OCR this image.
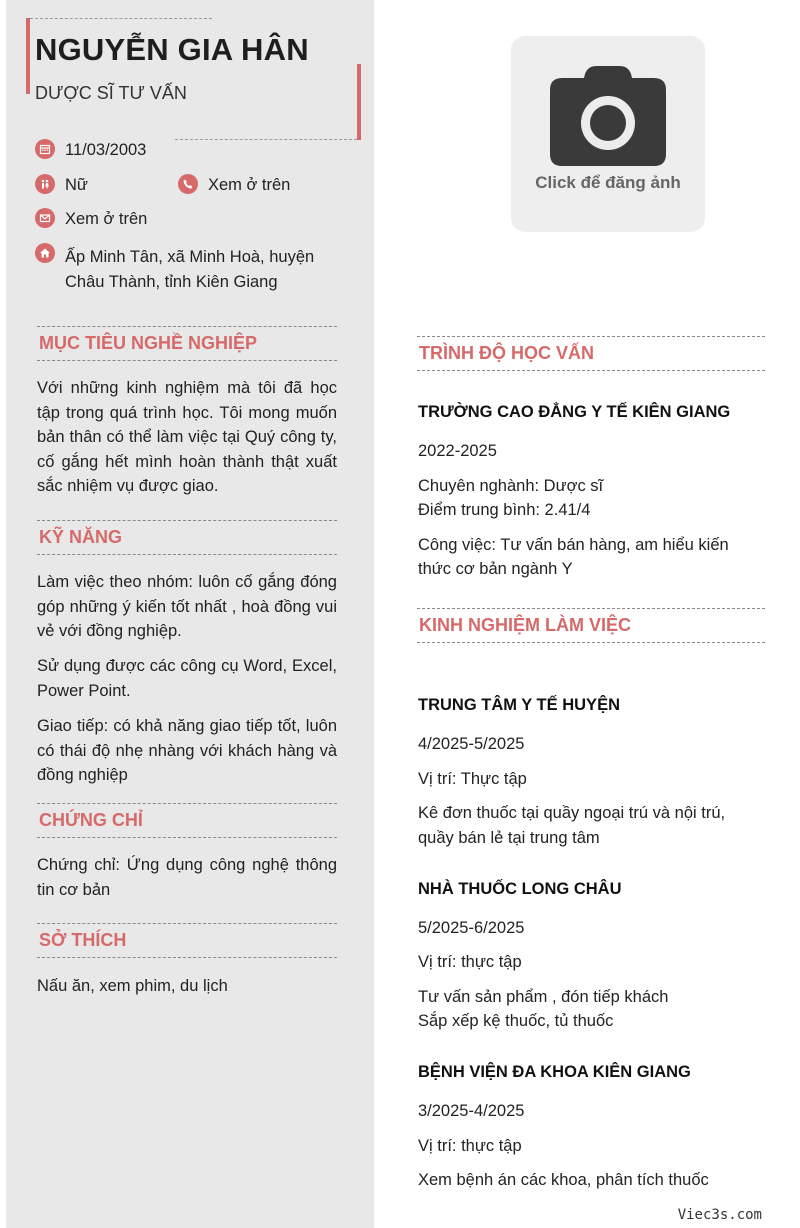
NGUYỄN GIA HÂN
DƯỢC SĨ TƯ VẤN
11/03/2003
Nữ	Xem ở trên
Xem ở trên
Ấp Minh Tân, xã Minh Hoà, huyện
Châu Thành, tỉnh Kiên Giang
MỤC TIÊU NGHỀ NGHIỆP
Với những kinh nghiệm mà tôi đã học tập trong quá trình học. Tôi mong muốn bản thân có thể làm việc tại Quý công ty, cố gắng hết mình hoàn thành thật xuất sắc nhiệm vụ được giao.
KỸ NĂNG
Làm việc theo nhóm: luôn cố gắng đóng góp những ý kiến tốt nhất , hoà đồng vui vẻ với đồng nghiệp.
Sử dụng được các công cụ Word, Excel, Power Point.
Giao tiếp: có khả năng giao tiếp tốt, luôn có thái độ nhẹ nhàng với khách hàng và đồng nghiệp
CHỨNG CHỈ
Chứng chỉ: Ứng dụng công nghệ thông tin cơ bản
SỞ THÍCH
Nấu ăn, xem phim, du lịch
Click để đăng ảnh
TRÌNH ĐỘ HỌC VẤN
TRƯỜNG CAO ĐẲNG Y TẾ KIÊN GIANG
2022-2025
Chuyên nghành: Dược sĩ
Điểm trung bình: 2.41/4
Công việc: Tư vấn bán hàng, am hiểu kiến thức cơ bản ngành Y
KINH NGHIỆM LÀM VIỆC
TRUNG TÂM Y TẾ HUYỆN
4/2025-5/2025
Vị trí: Thực tập
Kê đơn thuốc tại quầy ngoại trú và nội trú,
quầy bán lẻ tại trung tâm
NHÀ THUỐC LONG CHÂU
5/2025-6/2025
Vị trí: thực tập
Tư vấn sản phẩm , đón tiếp khách
Sắp xếp kệ thuốc, tủ thuốc
BỆNH VIỆN ĐA KHOA KIÊN GIANG
3/2025-4/2025
Vị trí: thực tập
Xem bệnh án các khoa, phân tích thuốc
Viec3s.com
